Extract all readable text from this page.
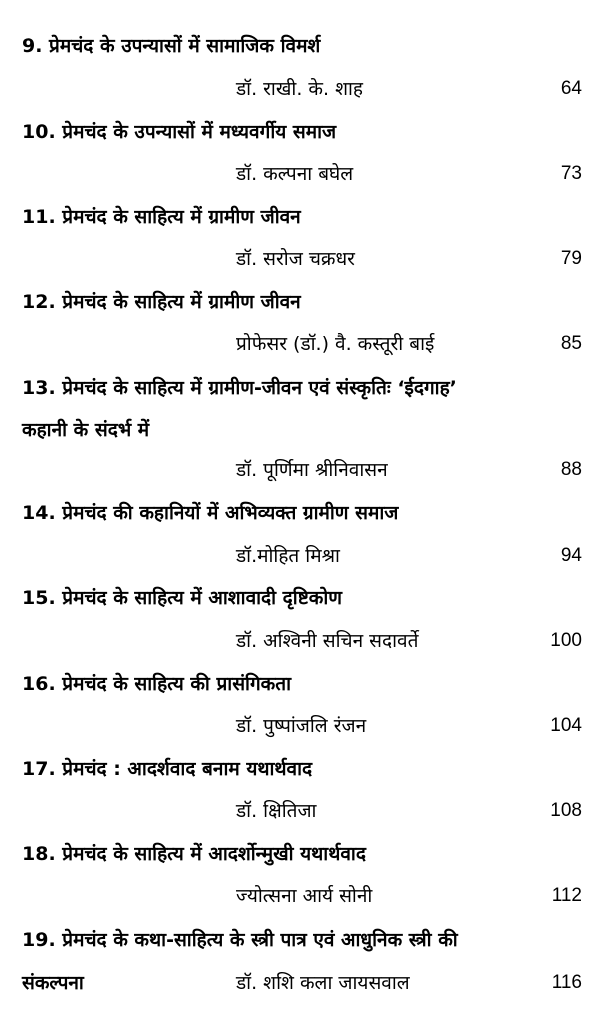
9. प्रेमचंद के उपन्यासों में सामाजिक विमर्श
डॉ. राखी. के. शाह	64
10. प्रेमचंद के उपन्यासों में मध्यवर्गीय समाज
डॉ. कल्पना बघेल	73
11. प्रेमचंद के साहित्य में ग्रामीण जीवन
डॉ. सरोज चक्रधर	79
12. प्रेमचंद के साहित्य में ग्रामीण जीवन
प्रोफेसर (डॉ.) वै. कस्तूरी बाई	85
13. प्रेमचंद के साहित्य में ग्रामीण-जीवन एवं संस्कृतिः ‘ईदगाह’
कहानी के संदर्भ में
डॉ. पूर्णिमा श्रीनिवासन	88
14. प्रेमचंद की कहानियों में अभिव्यक्त ग्रामीण समाज
डॉ.मोहित मिश्रा	94
15. प्रेमचंद के साहित्य में आशावादी दृष्टिकोण
डॉ. अश्विनी सचिन सदावर्ते	100
16. प्रेमचंद के साहित्य की प्रासंगिकता
डॉ. पुष्पांजलि रंजन	104
17. प्रेमचंद : आदर्शवाद बनाम यथार्थवाद
डॉ. क्षितिजा	108
18. प्रेमचंद के साहित्य में आदर्शोन्मुखी यथार्थवाद
ज्योत्सना आर्य सोनी	112
19. प्रेमचंद के कथा-साहित्य के स्त्री पात्र एवं आधुनिक स्त्री की
संकल्पना	डॉ. शशि कला जायसवाल	116
